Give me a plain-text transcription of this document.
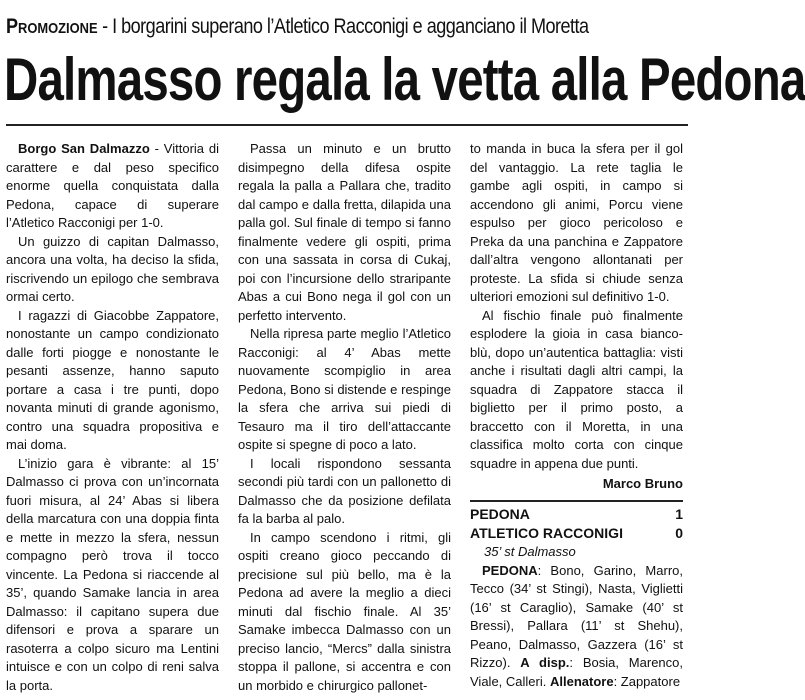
Promozione - I borgarini superano l’Atletico Racconigi e agganciano il Moretta
Dalmasso regala la vetta alla Pedona

Borgo San Dalmazzo - Vittoria di carattere e dal peso specifico enorme quella conquistata dalla Pedona, capace di superare l’Atletico Racconigi per 1-0.

Un guizzo di capitan Dalmasso, ancora una volta, ha deciso la sfida, riscrivendo un epilogo che sembrava ormai certo.

I ragazzi di Giacobbe Zappatore, nonostante un campo condizionato dalle forti piogge e nonostante le pesanti assenze, hanno saputo portare a casa i tre punti, dopo novanta minuti di grande agonismo, contro una squadra propositiva e mai doma.

L’inizio gara è vibrante: al 15’ Dalmasso ci prova con un’incornata fuori misura, al 24’ Abas si libera della marcatura con una doppia finta e mette in mezzo la sfera, nessun compagno però trova il tocco vincente. La Pedona si riaccende al 35’, quando Samake lancia in area Dalmasso: il capitano supera due difensori e prova a sparare un rasoterra a colpo sicuro ma Lentini intuisce e con un colpo di reni salva la porta.

Passa un minuto e un brutto disimpegno della difesa ospite regala la palla a Pallara che, tradito dal campo e dalla fretta, dilapida una palla gol. Sul finale di tempo si fanno finalmente vedere gli ospiti, prima con una sassata in corsa di Cukaj, poi con l’incursione dello straripante Abas a cui Bono nega il gol con un perfetto intervento.

Nella ripresa parte meglio l’Atletico Racconigi: al 4’ Abas mette nuovamente scompiglio in area Pedona, Bono si distende e respinge la sfera che arriva sui piedi di Tesauro ma il tiro dell’attaccante ospite si spegne di poco a lato.

I locali rispondono sessanta secondi più tardi con un pallonetto di Dalmasso che da posizione defilata fa la barba al palo.

In campo scendono i ritmi, gli ospiti creano gioco peccando di precisione sul più bello, ma è la Pedona ad avere la meglio a dieci minuti dal fischio finale. Al 35’ Samake imbecca Dalmasso con un preciso lancio, “Mercs” dalla sinistra stoppa il pallone, si accentra e con un morbido e chirurgico pallonet-

to manda in buca la sfera per il gol del vantaggio. La rete taglia le gambe agli ospiti, in campo si accendono gli animi, Porcu viene espulso per gioco pericoloso e Preka da una panchina e Zappatore dall’altra vengono allontanati per proteste. La sfida si chiude senza ulteriori emozioni sul definitivo 1-0.

Al fischio finale può finalmente esplodere la gioia in casa bianco-blù, dopo un’autentica battaglia: visti anche i risultati dagli altri campi, la squadra di Zappatore stacca il biglietto per il primo posto, a braccetto con il Moretta, in una classifica molto corta con cinque squadre in appena due punti.

Marco Bruno
PEDONA	1
ATLETICO RACCONIGI	0
35’ st Dalmasso

PEDONA: Bono, Garino, Marro, Tecco (34’ st Stingi), Nasta, Viglietti (16’ st Caraglio), Samake (40’ st Bressi), Pallara (11’ st Shehu), Peano, Dalmasso, Gazzera (16’ st Rizzo). A disp.: Bosia, Marenco, Viale, Calleri. Allenatore: Zappatore
